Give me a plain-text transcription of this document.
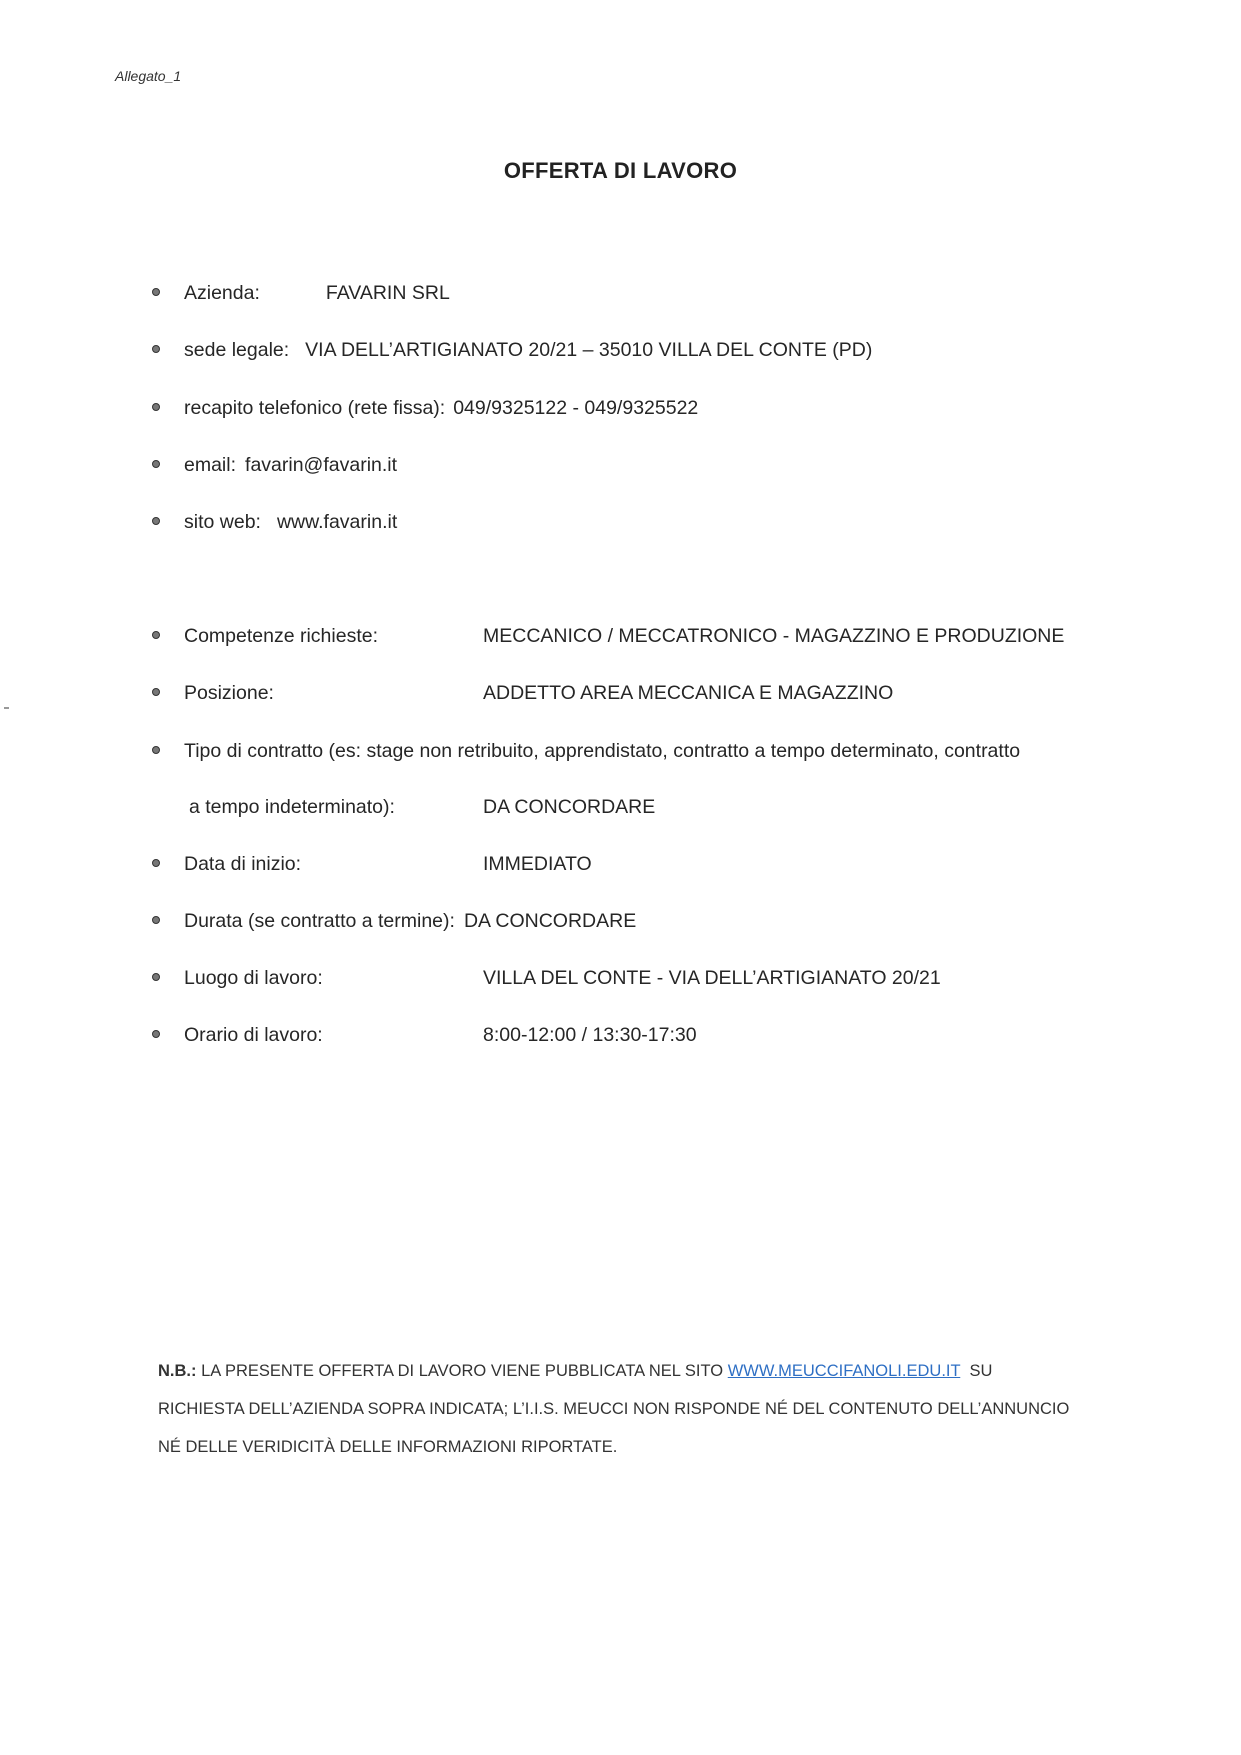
Allegato_1
OFFERTA DI LAVORO
Azienda:	FAVARIN SRL
sede legale: VIA DELL’ARTIGIANATO 20/21 – 35010 VILLA DEL CONTE (PD)
recapito telefonico (rete fissa): 049/9325122 - 049/9325522
email: favarin@favarin.it
sito web: www.favarin.it
Competenze richieste:	MECCANICO / MECCATRONICO - MAGAZZINO E PRODUZIONE
Posizione:	ADDETTO AREA MECCANICA E MAGAZZINO
Tipo di contratto (es: stage non retribuito, apprendistato, contratto a tempo determinato, contratto
a tempo indeterminato):	DA CONCORDARE
Data di inizio:	IMMEDIATO
Durata (se contratto a termine): DA CONCORDARE
Luogo di lavoro:	VILLA DEL CONTE - VIA DELL’ARTIGIANATO 20/21
Orario di lavoro:	8:00-12:00 / 13:30-17:30
N.B.: LA PRESENTE OFFERTA DI LAVORO VIENE PUBBLICATA NEL SITO WWW.MEUCCIFANOLI.EDU.IT SU
RICHIESTA DELL’AZIENDA SOPRA INDICATA; L’I.I.S. MEUCCI NON RISPONDE NÉ DEL CONTENUTO DELL’ANNUNCIO
NÉ DELLE VERIDICITÀ DELLE INFORMAZIONI RIPORTATE.
